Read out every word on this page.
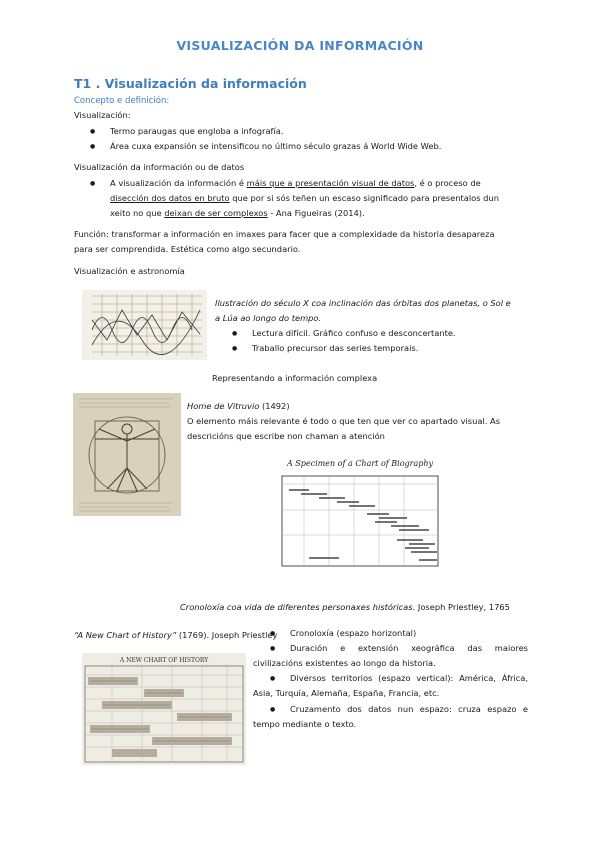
VISUALIZACIÓN DA INFORMACIÓN
T1 . Visualización da información
Concepto e definición:
Visualización:
● Termo paraugas que engloba a infografía.
● Área cuxa expansión se intensificou no último século grazas á World Wide Web.
Visualización da información ou de datos
● A visualización da información é máis que a presentación visual de datos, é o proceso de
disección dos datos en bruto que por si sós teñen un escaso significado para presentalos dun
xeito no que deixan de ser complexos - Ana Figueiras (2014).
Función: transformar a información en imaxes para facer que a complexidade da historia desapareza
para ser comprendida. Estética como algo secundario.
Visualización e astronomía
·
·
·
·
Ilustración do século X coa inclinación das órbitas dos planetas, o Sol e
a Lúa ao longo do tempo.
● Lectura difícil. Gráfico confuso e desconcertante.
● Traballo precursor das series temporais.
Representando a información complexa
Home de Vitruvio (1492)
O elemento máis relevante é todo o que ten que ver co apartado visual. As
descricións que escribe non chaman a atención
A Specimen of a Chart of Biography
Cronoloxía coa vida de diferentes personaxes históricas. Joseph Priestley, 1765
“A New Chart of History” (1769). Joseph Priestley
A NEW CHART OF HISTORY
● Cronoloxía (espazo horizontal)
● Duración e extensión xeográfica das maiores
civilizacións existentes ao longo da historia.
● Diversos territorios (espazo vertical): América, África,
Asia, Turquía, Alemaña, España, Francia, etc.
● Cruzamento dos datos nun espazo: cruza espazo e
tempo mediante o texto.
